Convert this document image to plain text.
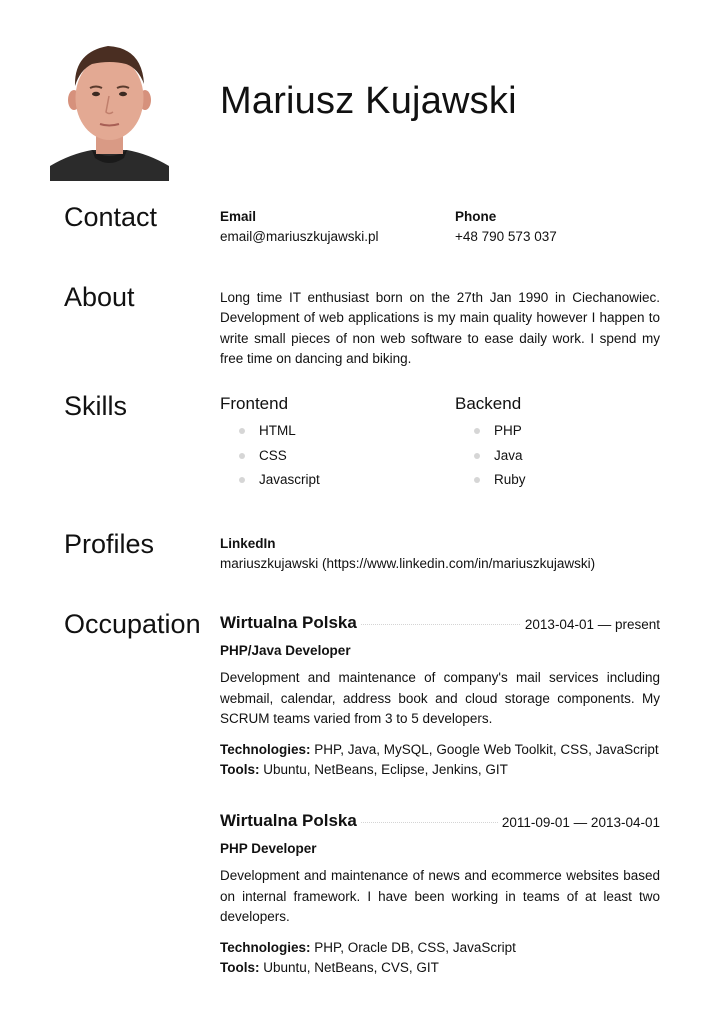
Mariusz Kujawski
Contact	Email
email@mariuszkujawski.pl
Phone
+48 790 573 037
About	Long time IT enthusiast born on the 27th Jan 1990 in Ciechanowiec. Development of web applications is my main quality however I happen to write small pieces of non web software to ease daily work. I spend my free time on dancing and biking.
Skills	Frontend
HTML
CSS
Javascript
Backend
PHP
Java
Ruby
Profiles	LinkedIn
mariuszkujawski (https://www.linkedin.com/in/mariuszkujawski)
Occupation Wirtualna Polska	2013-04-01 — present
PHP/Java Developer
Development and maintenance of company's mail services including webmail, calendar, address book and cloud storage components. My SCRUM teams varied from 3 to 5 developers.
Technologies: PHP, Java, MySQL, Google Web Toolkit, CSS, JavaScript
Tools: Ubuntu, NetBeans, Eclipse, Jenkins, GIT
Wirtualna Polska	2011-09-01 — 2013-04-01
PHP Developer
Development and maintenance of news and ecommerce websites based on internal framework. I have been working in teams of at least two developers.
Technologies: PHP, Oracle DB, CSS, JavaScript
Tools: Ubuntu, NetBeans, CVS, GIT
